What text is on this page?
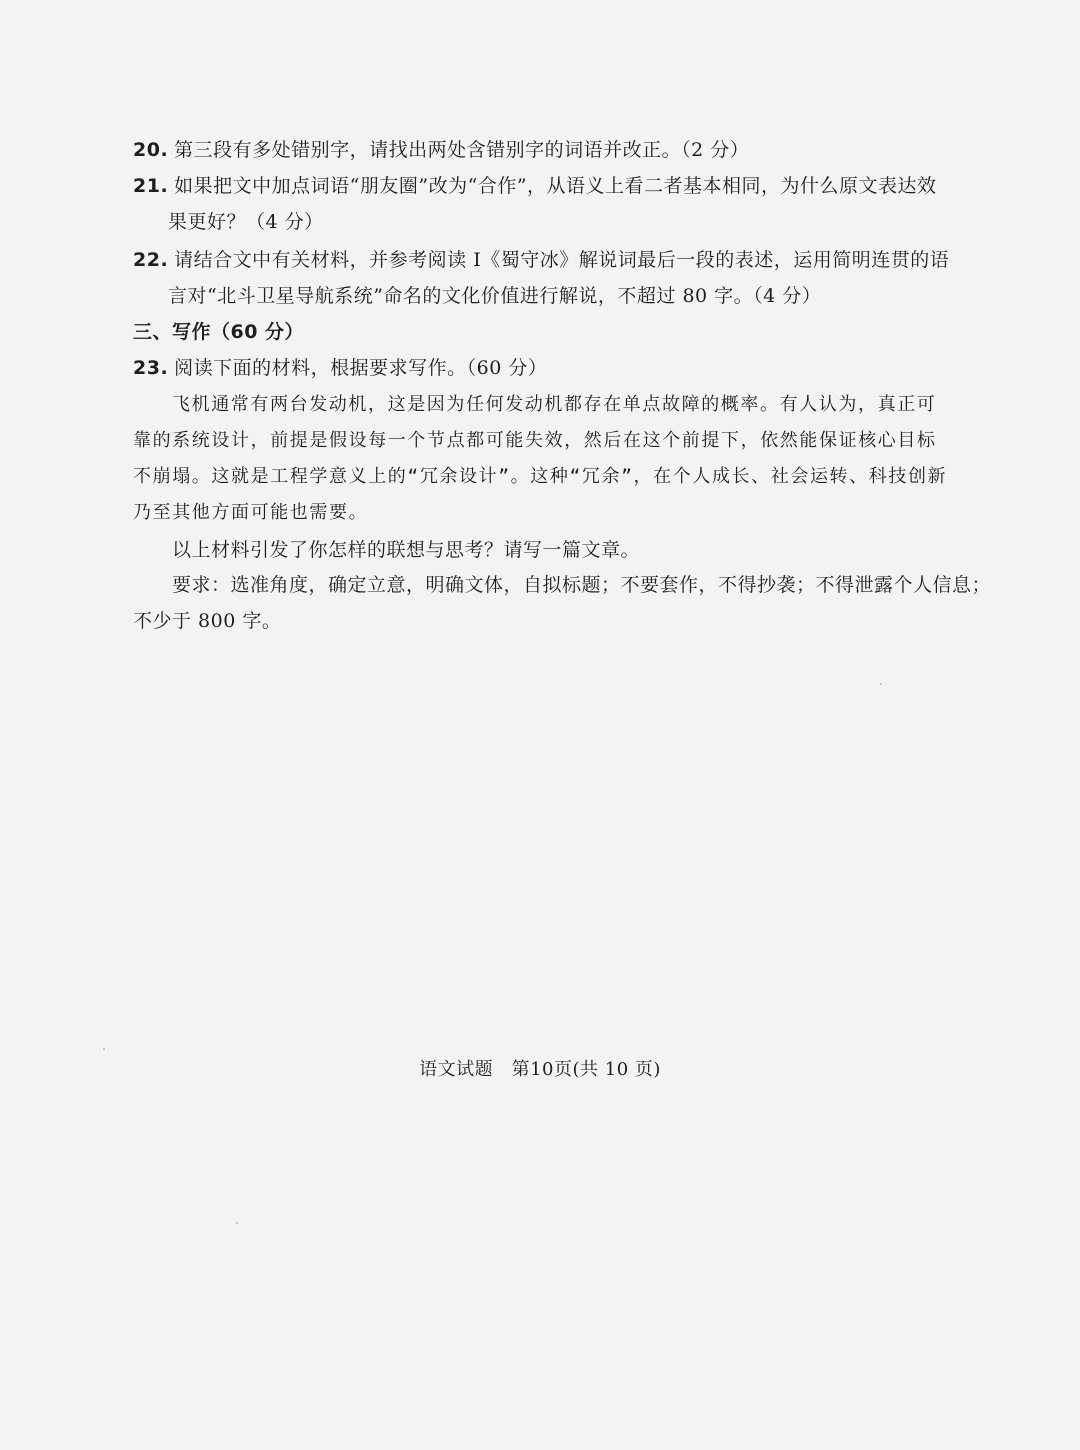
20. 第三段有多处错别字，请找出两处含错别字的词语并改正。（2 分）
21. 如果把文中加点词语“朋友圈”改为“合作”，从语义上看二者基本相同，为什么原文表达效
果更好？（4 分）
22. 请结合文中有关材料，并参考阅读 I《蜀守冰》解说词最后一段的表述，运用简明连贯的语
言对“北斗卫星导航系统”命名的文化价值进行解说，不超过 80 字。（4 分）
三、写作（60 分）
23. 阅读下面的材料，根据要求写作。（60 分）
飞机通常有两台发动机，这是因为任何发动机都存在单点故障的概率。有人认为，真正可
靠的系统设计，前提是假设每一个节点都可能失效，然后在这个前提下，依然能保证核心目标
不崩塌。这就是工程学意义上的“冗余设计”。这种“冗余”，在个人成长、社会运转、科技创新
乃至其他方面可能也需要。
以上材料引发了你怎样的联想与思考？请写一篇文章。
要求：选准角度，确定立意，明确文体，自拟标题；不要套作，不得抄袭；不得泄露个人信息；
不少于 800 字。
语文试题　第10页(共 10 页)
